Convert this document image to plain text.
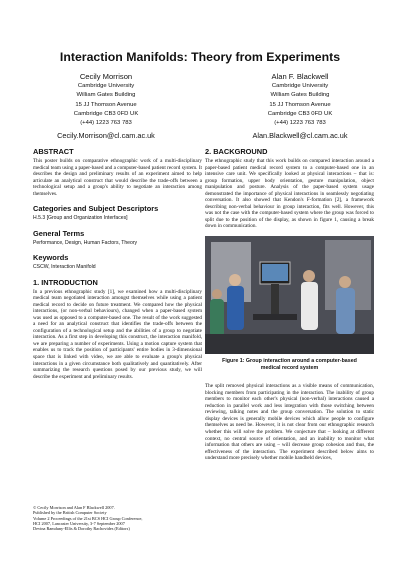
Interaction Manifolds: Theory from Experiments
Cecily Morrison
Cambridge University
William Gates Building
15 JJ Thomson Avenue
Cambridge CB3 0FD UK
(+44) 1223 763 783
Cecily.Morrison@cl.cam.ac.uk
Alan F. Blackwell
Cambridge University
William Gates Building
15 JJ Thomson Avenue
Cambridge CB3 0FD UK
(+44) 1223 763 783
Alan.Blackwell@cl.cam.ac.uk
ABSTRACT

This poster builds on comparative ethnographic work of a multi-disciplinary medical team using a paper-based and a computer-based patient record system. It describes the design and preliminary results of an experiment aimed to help articulate an analytical construct that would describe the trade-offs between a technological setup and a group's ability to negotiate an interaction among themselves.

Categories and Subject Descriptors

H.5.3 [Group and Organization Interfaces]

General Terms

Performance, Design, Human Factors, Theory

Keywords

CSCW, Interaction Manifold

1. INTRODUCTION

In a previous ethnographic study [1], we examined how a multi-disciplinary medical team negotiated interaction amongst themselves while using a patient medical record to decide on future treatment. We compared how the physical interactions, (or non-verbal behaviours), changed when a paper-based system was used as opposed to a computer-based one. The result of the work suggested a need for an analytical construct that identifies the trade-offs between the configuration of a technological setup and the abilities of a group to negotiate interaction. As a first step in developing this construct, the interaction manifold, we are preparing a number of experiments. Using a motion capture system that enables us to track the position of participants' entire bodies in 3-dimensional space that is linked with video, we are able to evaluate a group's physical interactions in a given circumstance both qualitatively and quantitatively. After summarizing the research questions posed by our previous study, we will describe the experiment and preliminary results.

© Cecily Morrison and Alan F Blackwell 2007.
Published by the British Computer Society
Volume 2 Proceedings of the 21st BCS HCI Group Conference,
HCI 2007, Lancaster University, 3-7 September 2007
Devina Ramduny-Ellis & Dorothy Rachovides (Editors)
2. BACKGROUND

The ethnographic study that this work builds on compared interaction around a paper-based patient medical record system to a computer-based one in an intensive care unit. We specifically looked at physical interactions – that is: group formation, upper body orientation, gesture manipulation, object manipulation and posture. Analysis of the paper-based system usage demonstrated the importance of physical interactions in seamlessly negotiating conversation. It also showed that Kendon's F-formation [2], a framework describing non-verbal behaviour in group interaction, fits well. However, this was not the case with the computer-based system where the group was forced to split due to the position of the display, as shown in figure 1, causing a break down in communication.

Figure 1: Group interaction around a computer-based medical record system

The split removed physical interactions as a visible means of communication, blocking members from participating in the interaction. The inability of group members to monitor each other's physical (non-verbal) interactions caused a reduction in parallel work and less integration with those switching between reviewing, talking notes and the group conversation. The solution to static display devices is generally mobile devices which allow people to configure themselves as need be. However, it is not clear from our ethnographic research whether this will solve the problem. We conjecture that – looking at different context, no central source of orientation, and an inability to monitor what information that others are using – will decrease group cohesion and thus, the effectiveness of the interaction. The experiment described below aims to understand more precisely whether mobile handheld devices,
